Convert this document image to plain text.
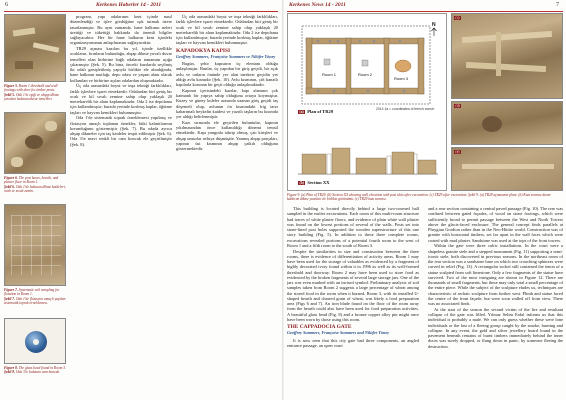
6	Kerkenes Haberler 14 - 2011
Figure 5. Room 1 threshold and wall footings with door for timber posts.
Şekil 5. Oda 1'in eşiği ve ahşap dikme yuvaları bulunan duvar temelleri.
Figure 6. The post bases, hearth, and plaster floor in Room 1.
Şekil 6. Oda 1'de bulunan dikme kaideleri, ocak ve sıvalı zemin.
Figure 7. Systematic soil sampling for flotation in Room 1.
Şekil 7. Oda 1'de flotasyon amaçlı yapılan sistematik toprak örneklemesi.
Figure 8. The glass bead found in Room 3.
Şekil 8. Oda 3'te bulunan cam boncuk.

program, yapı adalarının kent içinde nasıl düzenlendiği ve işlev gördüğüne ışık tutmak üzere tasarlanmıştır. Bu aynı zamanda, hane halkının neleri ürettiği ve tükettiği hakkında da önemli bilgiler sağlayacaktır. Her bir hane halkının kent içindeki organizasyonunun anlaşılmasını sağlayacaktır.

TR29 açması kazıları bu yıl, içinde özellikle ocakların, fırınların bulunduğu, ahşap dikme yuvalı duvar temelleri olan birbirine bağlı odaların tamamını açığa çıkarmıştır (Şek. 5). Bu bina, önceki kazılarda seçilmiş iki odalı genişletilmiş yapıyla birlikte ele alındığında, hane halkının mutfağı, depo odası ve yaşam alanı olarak kullanılan ve birbirine açılan odalardan oluşmaktadır.

Üç oda arasındaki boyut ve inşa tekniği farklılıkları, farklı işlevlere işaret etmektedir. Odalardan biri geniş bir ocak ve kil sıvalı zemine sahip olup yaklaşık 20 metrekarelik bir alanı kaplamaktadır. Oda 2 ise depolama için kullanılmıştır; burada yerinde kırılmış kaplar, öğütme taşları ve hayvan kemikleri bulunmuştur.

Oda 1'de sistematik toprak örneklemesi yapılmış ve flotasyon amaçlı toplanan örnekler, bitki kalıntılarının korunduğunu göstermiştir (Şek. 7). Bu odada ayrıca ahşap dikmeler için taş kaideler tespit edilmiştir (Şek. 6). Oda 3'te mavi renkli bir cam boncuk ele geçirilmiştir (Şek. 8).

Üç oda arasındaki boyut ve inşa tekniği farklılıkları, farklı işlevlere işaret etmektedir. Odalardan biri geniş bir ocak ve kil sıvalı zemine sahip olup yaklaşık 20 metrekarelik bir alanı kaplamaktadır. Oda 2 ise depolama için kullanılmıştır; burada yerinde kırılmış kaplar, öğütme taşları ve hayvan kemikleri bulunmuştur.

KAPADOKYA KAPISI
Geoffrey Summers, Françoise Summers ve Nilüfer Yöney

Bugün, şehir kapısının üç elemanı olduğu anlaşılmıştır. Bunlar, üç yapıdan bir giriş geçidi, bir açık avlu ve onların önünde yer alan merkezi geçidin yer aldığı avlu kısmıdır (Şek. 10). Avlu kısmının, çift kanatlı kapılarla korunan bir geçit olduğu anlaşılmaktadır.

Kapının içerisindeki kazılar, kapı alanının çok katmanlı bir yapıya sahip olduğunu ortaya koymuştur. Kuzey ve güney kuleler arasında uzanan giriş geçidi taş döşemeli olup, avlunun ön kısmındaki frig tarzı kabartmalı heykelin kaidesi ve yazıtlı taşların bu kısımda yer aldığı belirlenmiştir.

Kazı sırasında ele geçirilen buluntular, kapının yıkılmasından önce kullanıldığı dönemi temsil etmektedir. Kapı yangınla tahrip olmuş, çatı kirişleri ve ahşap unsurlar avluya düşmüştür. Yanmış ahşap parçaları, yapının üst kısmının ahşap çatkılı olduğunu göstermektedir.

Kerkenes News 14 - 2011	7
Room 1	Room 2
Room 3
N
2014 1a = coordinates of trench corner
(a) Plan of TR29
(b) Section XX
(c)
(d)
(e)
Figure 9. (a) Plan of TR29. (b) Section XX showing wall elevation with post slots after excavation. (c) TR29 after excavation. Şekil 9. (a) TR29 açmasının planı. (b) Kazı sonrası duvar kaldırım dikme yuvaları ile birlikte görünümü. (c) TR29 kazı sonrası.

This building is located directly behind a large two-roomed hall sampled in the earlier excavations. Each room of this multi-room structure had traces of white plaster floors, and evidence of plain white wall plaster was found on the lowest portions of several of the walls. Posts set into stone-lined post holes supported the wooden superstructure of this one story building (Fig. 5). In addition to these three complete rooms, excavations revealed portions of a potential fourth room to the west of Room 1 and a fifth room to the south of Room 3.

Despite the similarities in size and construction between the three rooms, there is evidence of differentiation of activity areas. Room 1 may have been used for the storage of valuables as evidenced by a fragment of highly decorated ivory found within it in 1996 as well as its well-formed threshold and doorway. Room 2 may have been used to store food as evidenced by the broken fragments of several large storage jars. One of the jars was even marked with an incised symbol. Preliminary analysis of soil samples taken from Room 2 suggests a large percentage of wheat among the stored food in the room when it burned. Room 3, with its installed U-shaped hearth and charred grain of wheat, was likely a food preparation area (Figs 6 and 7). An iron blade found on the floor of the room away from the hearth could also have been used for food preparation activities. A beautiful glass bead (Fig. 8) and a bronze copper alloy pin might once have been worn by those using this room.

THE CAPPADOCIA GATE
Geoffrey Summers, Françoise Summers and Nilüfer Yöney

It is now seen that this city gate had three components, an angled entrance passage, an open court

and a rear section containing a central paved passage (Fig. 10). The rear was confined between gated façades, of wood on stone footings, which were sufficiently broad to permit passage between the West and North Towers above the glacis-faced enclosure. The general concept finds parallels at Phrygian Gordion rather than in the Neo-Hittite world. Construction was of granite with horizontal timbers, set far apart in the wall faces which were coated with mud plaster. Sandstone was used at the tops of the front towers.

Within the gate were three cultic installations. In the court were a shapeless granite stele and a stepped monument (Fig. 11) supporting a semi-iconic stele, both discovered in previous seasons. In the northeast room of the rear section was a sandstone base on which two crouching sphinxes were carved in relief (Fig. 13). A rectangular socket still contained the tenon of a statue sculpted from soft limestone. Only a few fragments of the statue have survived. Two of the most intriguing are shown in Figure 12. There are thousands of small fragments, but these may only total a small percentage of the entire piece. While the subject of the sculpture eludes us, techniques are characteristic of archaic sculpture from further west. Plinth and statue faced the centre of the front façade, but were soon walled off from view. There was no associated finds.

At the start of the season the second victim of the fire and resultant collapse of the gate was filled. Yılmaz Selim Erdal informs us that this individual is probably a male. We can only guess whether these were lone individuals or the last of a fleeing group caught by the smoke, burning and collapse. In any event, the gold and silver jewellery hoard found in the pavement beneath remains of burnt timbers immediately behind the inner doors was surely dropped, or flung down in panic, by someone fleeing the destruction.
